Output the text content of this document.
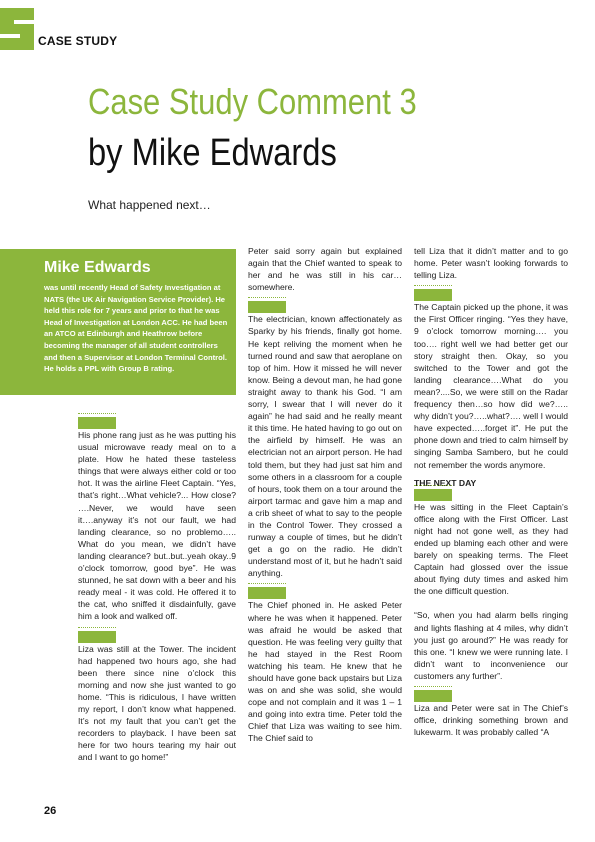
CASE STUDY
Case Study Comment 3
by Mike Edwards
What happened next…
Mike Edwards
was until recently Head of Safety Investigation at NATS (the UK Air Navigation Service Provider). He held this role for 7 years and prior to that he was Head of Investigation at London ACC. He had been an ATCO at Edinburgh and Heathrow before becoming the manager of all student controllers and then a Supervisor at London Terminal Control. He holds a PPL with Group B rating.

His phone rang just as he was putting his usual microwave ready meal on to a plate. How he hated these tasteless things that were always either cold or too hot. It was the airline Fleet Captain. “Yes, that’s right…What vehicle?... How close? ….Never, we would have seen it….anyway it’s not our fault, we had landing clearance, so no problemo….. What do you mean, we didn’t have landing clearance? but..but..yeah okay..9 o’clock tomorrow, good bye”. He was stunned, he sat down with a beer and his ready meal - it was cold. He offered it to the cat, who sniffed it disdainfully, gave him a look and walked off.

Liza was still at the Tower. The incident had happened two hours ago, she had been there since nine o’clock this morning and now she just wanted to go home. “This is ridiculous, I have written my report, I don’t know what happened. It’s not my fault that you can’t get the recorders to playback. I have been sat here for two hours tearing my hair out and I want to go home!”

Peter said sorry again but explained again that the Chief wanted to speak to her and he was still in his car…somewhere.

The electrician, known affectionately as Sparky by his friends, finally got home. He kept reliving the moment when he turned round and saw that aeroplane on top of him. How it missed he will never know. Being a devout man, he had gone straight away to thank his God. “I am sorry, I swear that I will never do it again” he had said and he really meant it this time. He hated having to go out on the airfield by himself. He was an electrician not an airport person. He had told them, but they had just sat him and some others in a classroom for a couple of hours, took them on a tour around the airport tarmac and gave him a map and a crib sheet of what to say to the people in the Control Tower. They crossed a runway a couple of times, but he didn’t get a go on the radio. He didn’t understand most of it, but he hadn’t said anything.

The Chief phoned in. He asked Peter where he was when it happened. Peter was afraid he would be asked that question. He was feeling very guilty that he had stayed in the Rest Room watching his team. He knew that he should have gone back upstairs but Liza was on and she was solid, she would cope and not complain and it was 1 – 1 and going into extra time. Peter told the Chief that Liza was waiting to see him. The Chief said to

tell Liza that it didn’t matter and to go home. Peter wasn’t looking forwards to telling Liza.

The Captain picked up the phone, it was the First Officer ringing. “Yes they have, 9 o’clock tomorrow morning…. you too…. right well we had better get our story straight then. Okay, so you switched to the Tower and got the landing clearance….What do you mean?....So, we were still on the Radar frequency then…so how did we?….. why didn’t you?…..what?…. well I would have expected…..forget it”. He put the phone down and tried to calm himself by singing Samba Sambero, but he could not remember the words anymore.

THE NEXT DAY

He was sitting in the Fleet Captain’s office along with the First Officer. Last night had not gone well, as they had ended up blaming each other and were barely on speaking terms. The Fleet Captain had glossed over the issue about flying duty times and asked him the one difficult question.

“So, when you had alarm bells ringing and lights flashing at 4 miles, why didn’t you just go around?” He was ready for this one. “I knew we were running late. I didn’t want to inconvenience our customers any further”.

Liza and Peter were sat in The Chief’s office, drinking something brown and lukewarm. It was probably called “A

26
